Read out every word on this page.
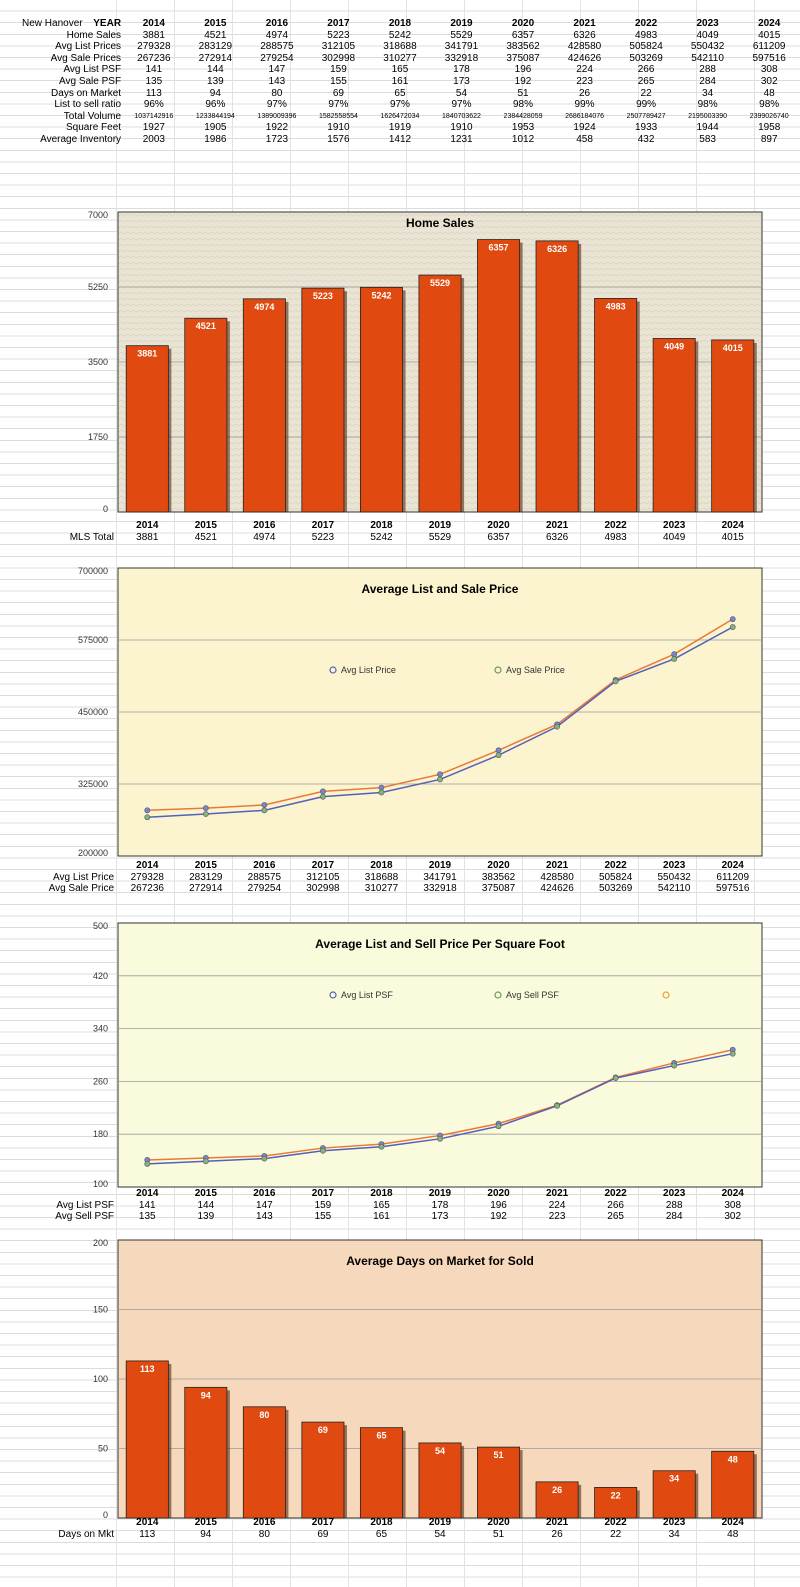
New Hanover YEAR	2014	2015	2016	2017	2018	2019	2020	2021	2022	2023	2024
Home Sales	3881	4521	4974	5223	5242	5529	6357	6326	4983	4049	4015
Avg List Prices	279328	283129	288575	312105	318688	341791	383562	428580	505824	550432	611209
Avg Sale Prices	267236	272914	279254	302998	310277	332918	375087	424626	503269	542110	597516
Avg List PSF	141	144	147	159	165	178	196	224	266	288	308
Avg Sale PSF	135	139	143	155	161	173	192	223	265	284	302
Days on Market	113	94	80	69	65	54	51	26	22	34	48
List to sell ratio	96%	96%	97%	97%	97%	97%	98%	99%	99%	98%	98%
Total Volume	1037142916	1233844194	1389009396	1582558554	1626472034	1840703622	2384428059	2686184076	2507789427	2195003390	2399026740
Square Feet	1927	1905	1922	1910	1919	1910	1953	1924	1933	1944	1958
Average Inventory	2003	1986	1723	1576	1412	1231	1012	458	432	583	897
7000
5250
3500
1750
0
Home Sales
3881
4521
4974
5223	5242
5529
6357	6326
4983
4049	4015
2014	2015	2016	2017	2018	2019	2020	2021	2022	2023	2024
MLS Total	3881	4521	4974	5223	5242	5529	6357	6326	4983	4049	4015
700000
575000
450000
325000
200000
Average List and Sale Price
Avg List Price	Avg Sale Price
2014	2015	2016	2017	2018	2019	2020	2021	2022	2023	2024
Avg List Price	279328	283129	288575	312105	318688	341791	383562	428580	505824	550432	611209
Avg Sale Price	267236	272914	279254	302998	310277	332918	375087	424626	503269	542110	597516
500
420
340
260
180
100
Average List and Sell Price Per Square Foot
Avg List PSF	Avg Sell PSF
2014	2015	2016	2017	2018	2019	2020	2021	2022	2023	2024
Avg List PSF	141	144	147	159	165	178	196	224	266	288	308
Avg Sell PSF	135	139	143	155	161	173	192	223	265	284	302
200
150
100
50
0
Average Days on Market for Sold
113
94
80
69
65
54	51
26
22
34
48
2014	2015	2016	2017	2018	2019	2020	2021	2022	2023	2024
Days on Mkt	113	94	80	69	65	54	51	26	22	34	48
